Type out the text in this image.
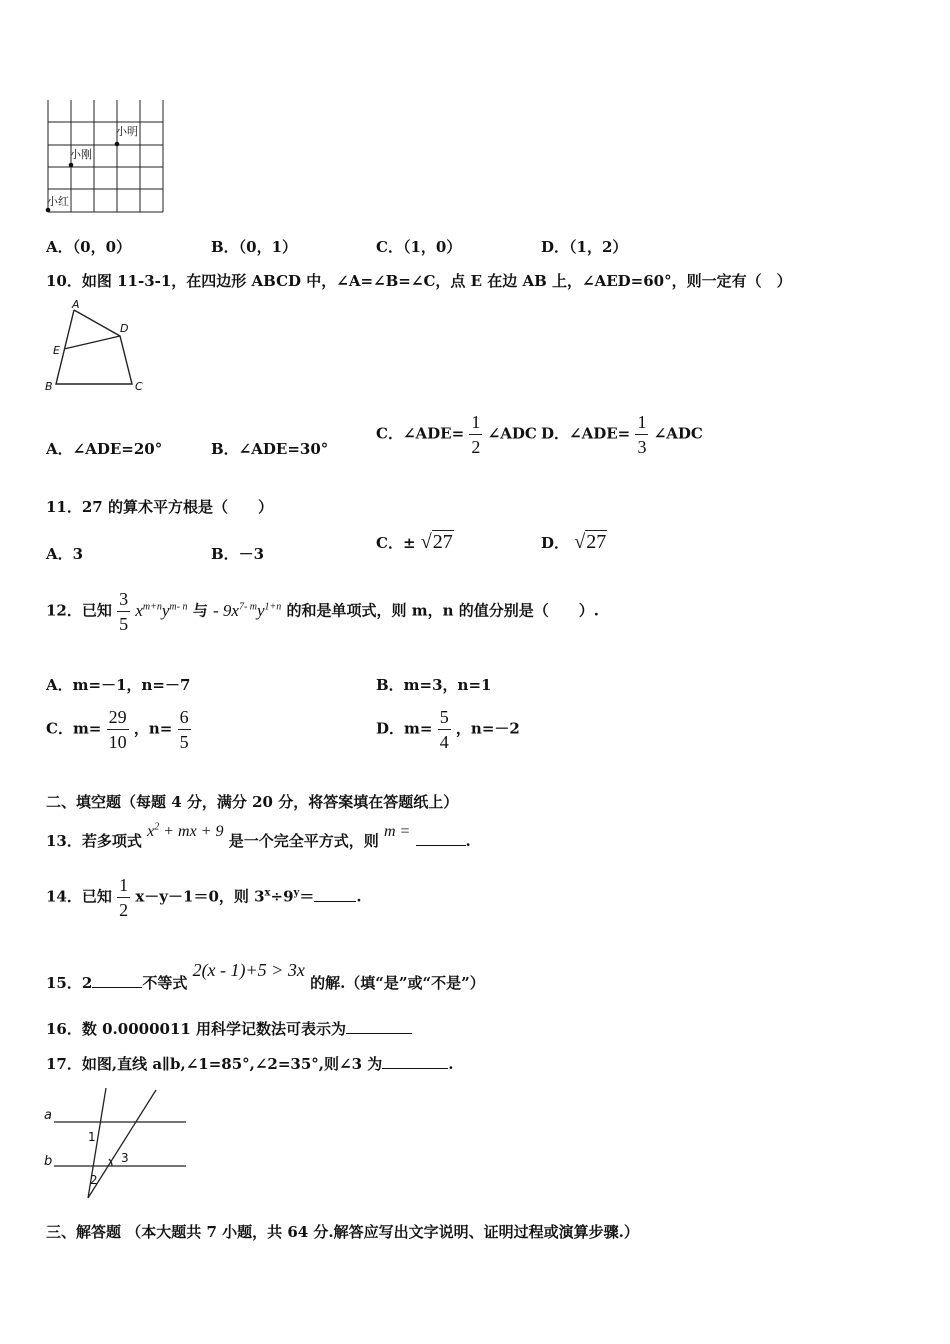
小明
小刚
小红
A．（0，0）	B．（0，1）	C．（1，0）	D．（1，2）
10．如图 11-3-1，在四边形 ABCD 中，∠A=∠B=∠C，点 E 在边 AB 上，∠AED=60°，则一定有（　）
A
D
E
B	C
A．∠ADE=20°	B．∠ADE=30°
C．∠ADE= $\frac{1}{2}$ ∠ADC D．∠ADE= $\frac{1}{3}$ ∠ADC
11．27 的算术平方根是（　　）
A．3	B．－3
C．± √27	D． √27
12．已知 $\frac{3}{5} x^{m+n}y^{m- n}$ 与 - $9x^{7- m}y^{1+n}$ 的和是单项式，则 m，n 的值分别是（　　）.
A．m=－1，n=－7	B．m=3，n=1
C．$m= \frac{29}{10}$ ，$n= \frac{6}{5}$	D．$m= \frac{5}{4}$ ，n=－2
二、填空题（每题 4 分，满分 20 分，将答案填在答题纸上）
13．若多项式 $x^2$ + mx + 9 是一个完全平方式，则 m = .
14．已知 $\frac{1}{2} x-y-1=0$，则 $3^x\div 9^y=$	.
15．2	不等式 2(x - 1)+5 > 3x 的解.（填“是”或“不是”）
16．数 0.0000011 用科学记数法可表示为
17．如图,直线 a∥b,∠1=85°,∠2=35°,则∠3 为	.
a
b
1
2
3
三、解答题 （本大题共 7 小题，共 64 分.解答应写出文字说明、证明过程或演算步骤.）
